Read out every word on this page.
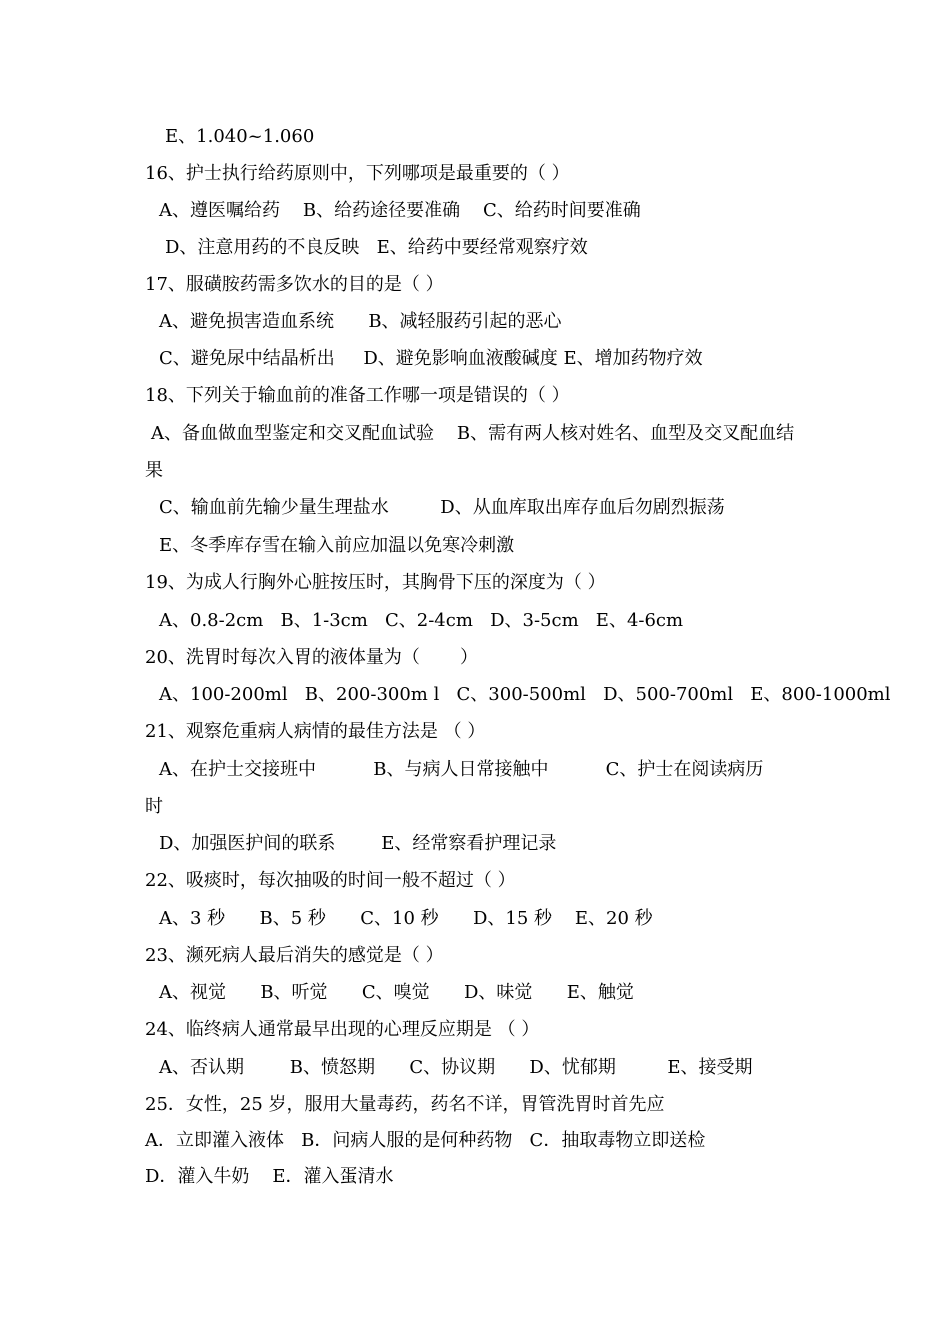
E、1.040~1.060
16、护士执行给药原则中，下列哪项是最重要的（ ）
A、遵医嘱给药    B、给药途径要准确    C、给药时间要准确
D、注意用药的不良反映   E、给药中要经常观察疗效
17、服磺胺药需多饮水的目的是（ ）
A、避免损害造血系统      B、减轻服药引起的恶心
C、避免尿中结晶析出     D、避免影响血液酸碱度 E、增加药物疗效
18、下列关于输血前的准备工作哪一项是错误的（ ）
A、备血做血型鉴定和交叉配血试验    B、需有两人核对姓名、血型及交叉配血结
果
C、输血前先输少量生理盐水         D、从血库取出库存血后勿剧烈振荡
E、冬季库存雪在输入前应加温以免寒冷刺激
19、为成人行胸外心脏按压时，其胸骨下压的深度为（ ）
A、0.8-2cm   B、1-3cm   C、2-4cm   D、3-5cm   E、4-6cm
20、洗胃时每次入胃的液体量为（       ）
A、100-200ml   B、200-300m l   C、300-500ml   D、500-700ml   E、800-1000ml
21、观察危重病人病情的最佳方法是 （ ）
A、在护士交接班中          B、与病人日常接触中          C、护士在阅读病历
时
D、加强医护间的联系        E、经常察看护理记录
22、吸痰时，每次抽吸的时间一般不超过（ ）
A、3 秒      B、5 秒      C、10 秒      D、15 秒    E、20 秒
23、濒死病人最后消失的感觉是（ ）
A、视觉      B、听觉      C、嗅觉      D、味觉      E、触觉
24、临终病人通常最早出现的心理反应期是 （ ）
A、否认期        B、愤怒期      C、协议期      D、忧郁期         E、接受期
25．女性，25 岁，服用大量毒药，药名不详，胃管洗胃时首先应
A．立即灌入液体   B．问病人服的是何种药物   C．抽取毒物立即送检
D．灌入牛奶    E．灌入蛋清水
